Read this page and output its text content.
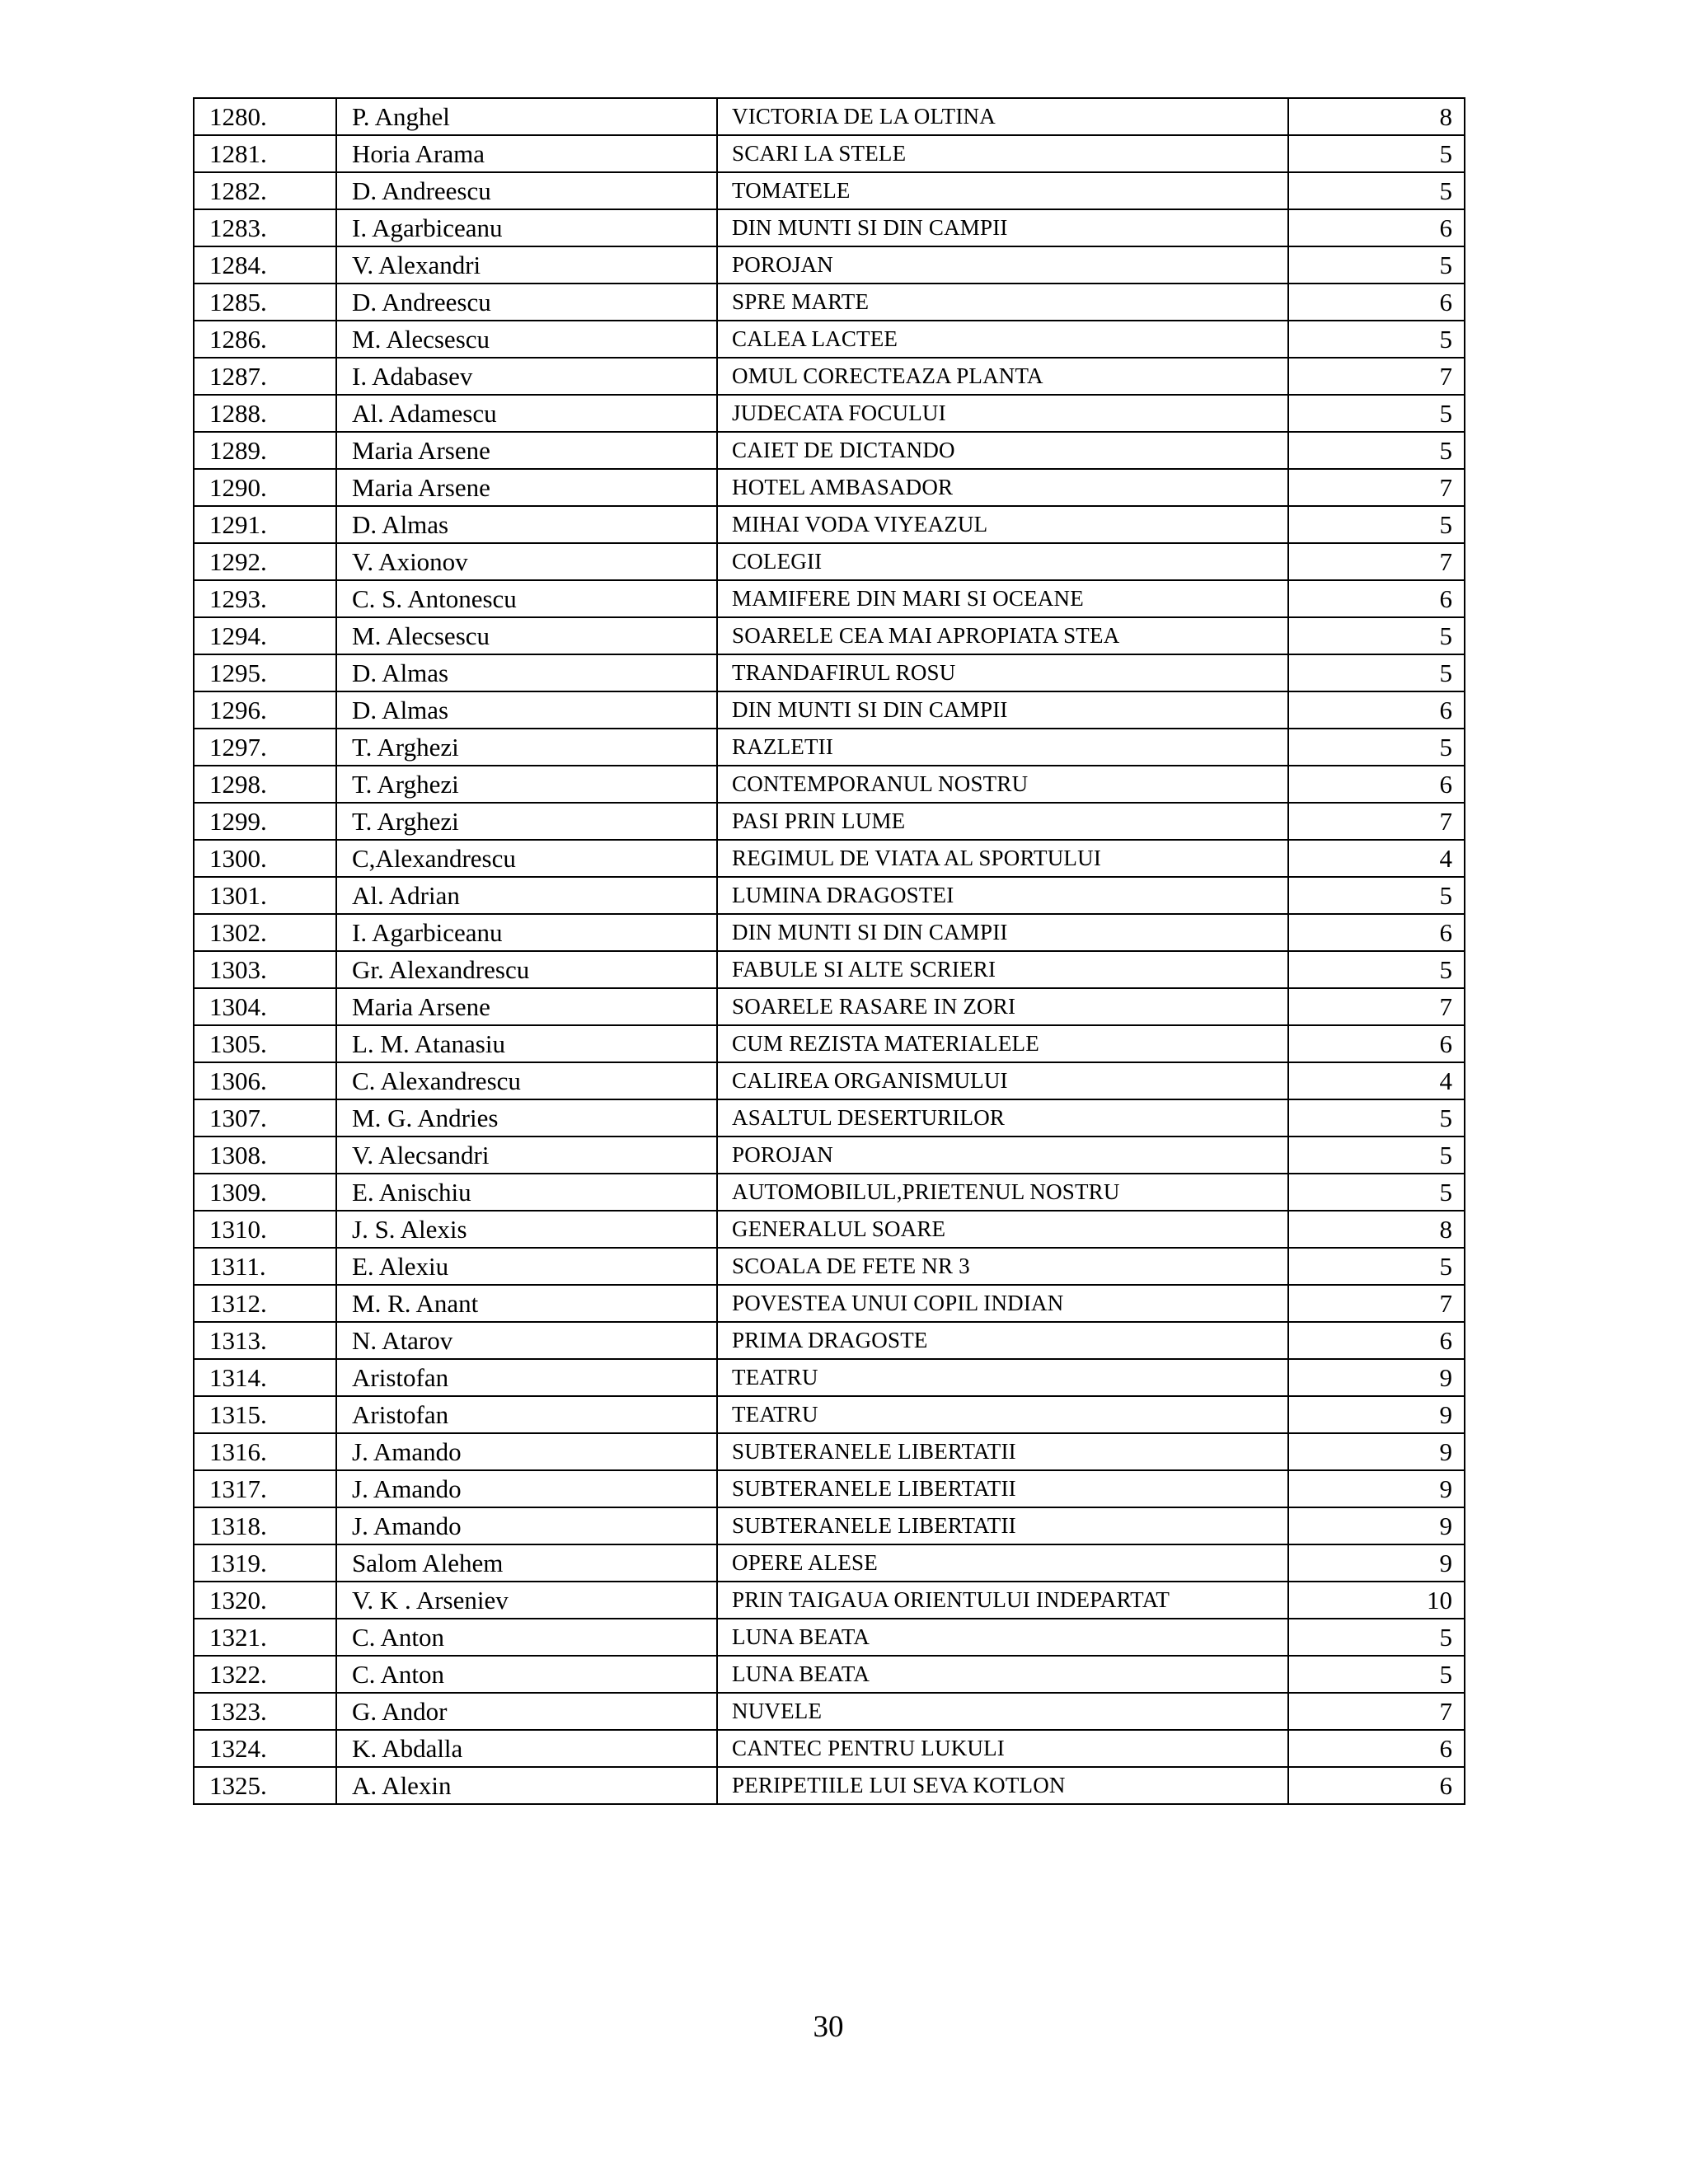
1280.	P. Anghel	VICTORIA DE LA OLTINA	8
1281.	Horia Arama	SCARI LA STELE	5
1282.	D. Andreescu	TOMATELE	5
1283.	I. Agarbiceanu	DIN MUNTI SI DIN CAMPII	6
1284.	V. Alexandri	POROJAN	5
1285.	D. Andreescu	SPRE MARTE	6
1286.	M. Alecsescu	CALEA LACTEE	5
1287.	I. Adabasev	OMUL CORECTEAZA PLANTA	7
1288.	Al. Adamescu	JUDECATA FOCULUI	5
1289.	Maria Arsene	CAIET DE DICTANDO	5
1290.	Maria Arsene	HOTEL AMBASADOR	7
1291.	D. Almas	MIHAI VODA VIYEAZUL	5
1292.	V. Axionov	COLEGII	7
1293.	C. S. Antonescu	MAMIFERE DIN MARI SI OCEANE	6
1294.	M. Alecsescu	SOARELE CEA MAI APROPIATA STEA	5
1295.	D. Almas	TRANDAFIRUL ROSU	5
1296.	D. Almas	DIN MUNTI SI DIN CAMPII	6
1297.	T. Arghezi	RAZLETII	5
1298.	T. Arghezi	CONTEMPORANUL NOSTRU	6
1299.	T. Arghezi	PASI PRIN LUME	7
1300.	C,Alexandrescu	REGIMUL DE VIATA AL SPORTULUI	4
1301.	Al. Adrian	LUMINA DRAGOSTEI	5
1302.	I. Agarbiceanu	DIN MUNTI SI DIN CAMPII	6
1303.	Gr. Alexandrescu	FABULE SI ALTE SCRIERI	5
1304.	Maria Arsene	SOARELE RASARE IN ZORI	7
1305.	L. M. Atanasiu	CUM REZISTA MATERIALELE	6
1306.	C. Alexandrescu	CALIREA ORGANISMULUI	4
1307.	M. G. Andries	ASALTUL DESERTURILOR	5
1308.	V. Alecsandri	POROJAN	5
1309.	E. Anischiu	AUTOMOBILUL,PRIETENUL NOSTRU	5
1310.	J. S. Alexis	GENERALUL SOARE	8
1311.	E. Alexiu	SCOALA DE FETE NR 3	5
1312.	M. R. Anant	POVESTEA UNUI COPIL INDIAN	7
1313.	N. Atarov	PRIMA DRAGOSTE	6
1314.	Aristofan	TEATRU	9
1315.	Aristofan	TEATRU	9
1316.	J. Amando	SUBTERANELE LIBERTATII	9
1317.	J. Amando	SUBTERANELE LIBERTATII	9
1318.	J. Amando	SUBTERANELE LIBERTATII	9
1319.	Salom Alehem	OPERE ALESE	9
1320.	V. K . Arseniev	PRIN TAIGAUA ORIENTULUI INDEPARTAT	10
1321.	C. Anton	LUNA BEATA	5
1322.	C. Anton	LUNA BEATA	5
1323.	G. Andor	NUVELE	7
1324.	K. Abdalla	CANTEC PENTRU LUKULI	6
1325.	A. Alexin	PERIPETIILE LUI SEVA KOTLON	6
30
